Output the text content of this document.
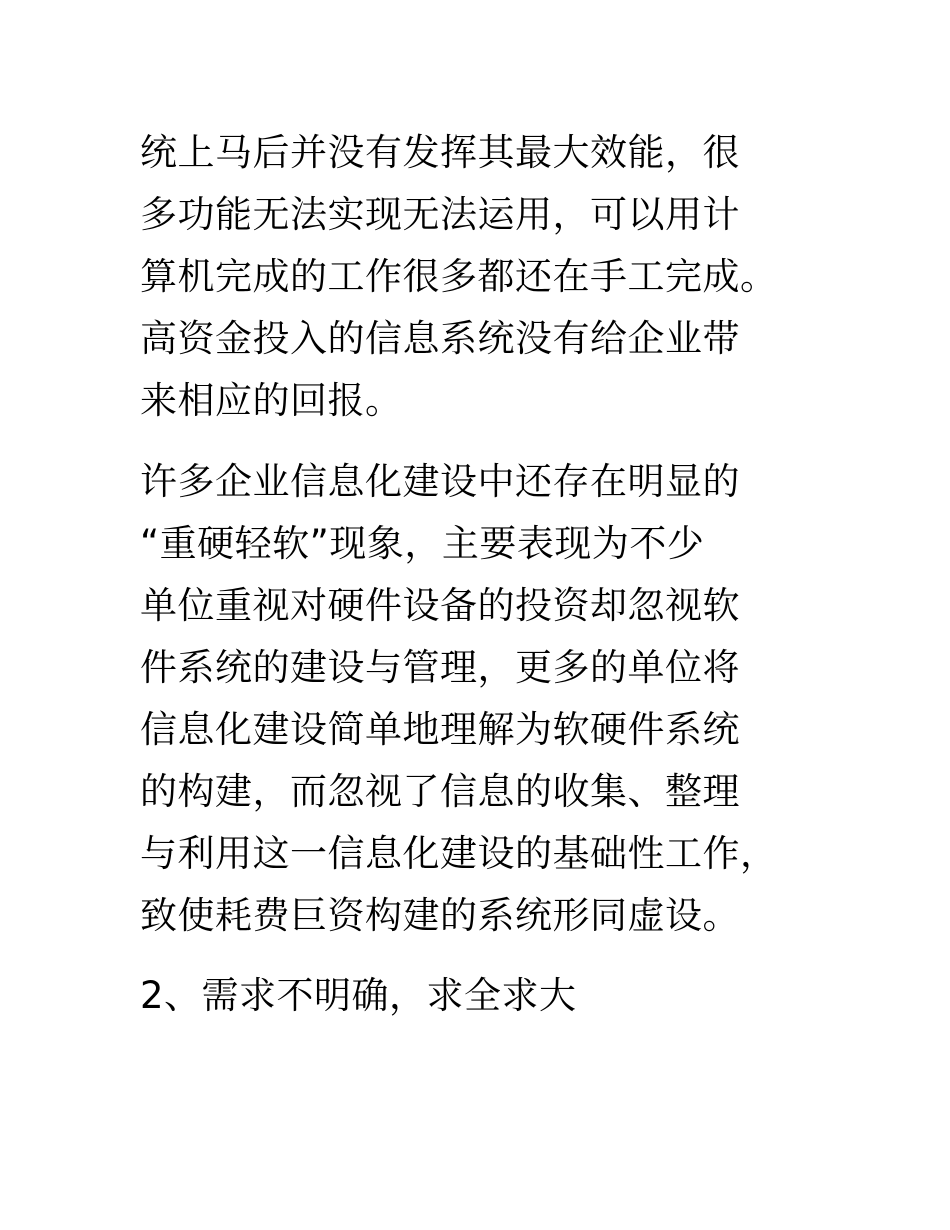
统上马后并没有发挥其最大效能，很
多功能无法实现无法运用，可以用计
算机完成的工作很多都还在手工完成。
高资金投入的信息系统没有给企业带
来相应的回报。
许多企业信息化建设中还存在明显的
“重硬轻软”现象，主要表现为不少
单位重视对硬件设备的投资却忽视软
件系统的建设与管理，更多的单位将
信息化建设简单地理解为软硬件系统
的构建，而忽视了信息的收集、整理
与利用这一信息化建设的基础性工作，
致使耗费巨资构建的系统形同虚设。
2、需求不明确，求全求大
